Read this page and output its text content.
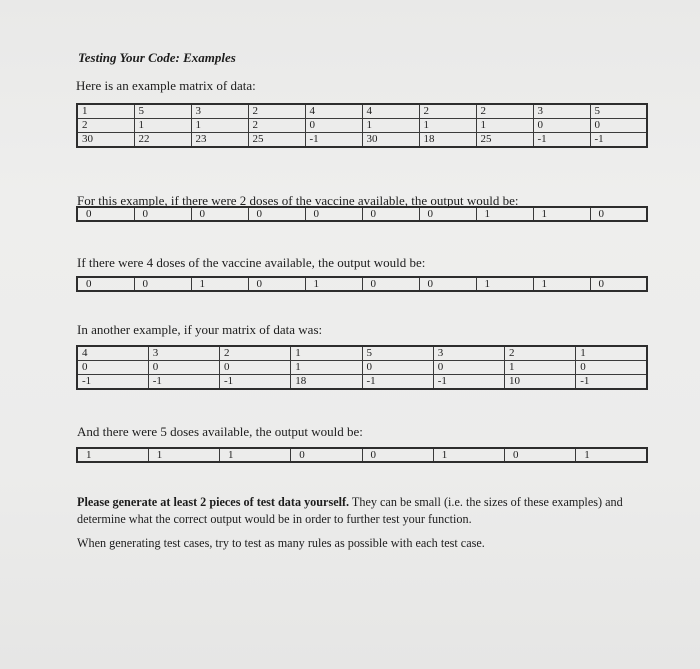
Testing Your Code: Examples
Here is an example matrix of data:
1	5	3	2	4	4	2	2	3	5
2	1	1	2	0	1	1	1	0	0
30	22	23	25	-1	30	18	25	-1	-1
For this example, if there were 2 doses of the vaccine available, the output would be:
0	0	0	0	0	0	0	1	1	0
If there were 4 doses of the vaccine available, the output would be:
0	0	1	0	1	0	0	1	1	0
In another example, if your matrix of data was:
4	3	2	1	5	3	2	1
0	0	0	1	0	0	1	0
-1	-1	-1	18	-1	-1	10	-1
And there were 5 doses available, the output would be:
1	1	1	0	0	1	0	1
Please generate at least 2 pieces of test data yourself. They can be small (i.e. the sizes of these examples) and determine what the correct output would be in order to further test your function.
When generating test cases, try to test as many rules as possible with each test case.
